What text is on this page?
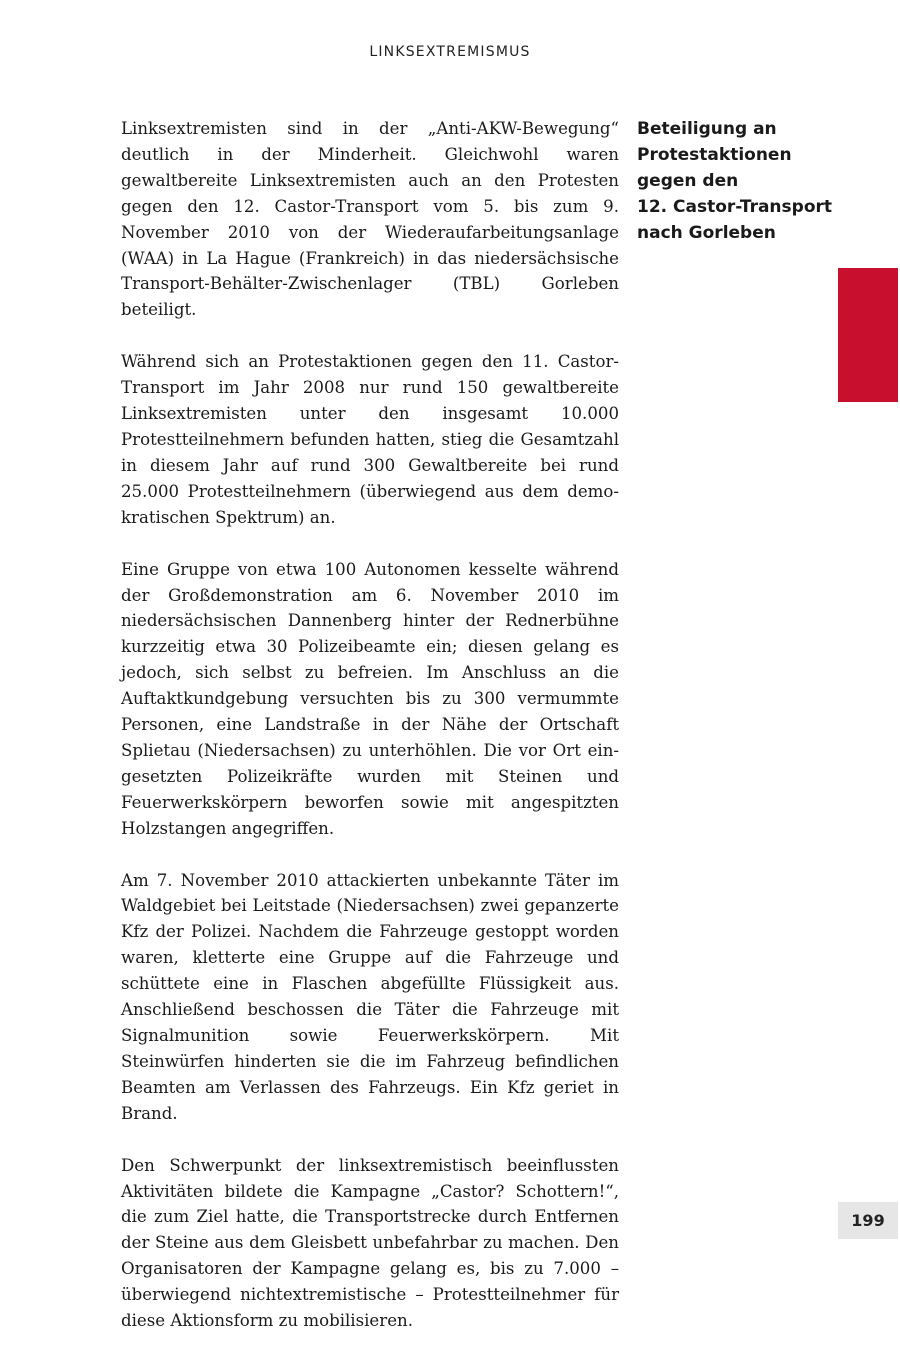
LINKSEXTREMISMUS

Linksextremisten sind in der „Anti-AKW-Bewegung“ deutlich in der Minderheit. Gleichwohl waren gewaltbereite Linksextremisten auch an den Protesten gegen den 12. Castor-Transport vom 5. bis zum 9. November 2010 von der Wiederaufarbeitungsanlage (WAA) in La Hague (Frankreich) in das niedersächsische Transport-Behälter-Zwischenlager (TBL) Gorleben beteiligt.

Während sich an Protestaktionen gegen den 11. Castor-Transport im Jahr 2008 nur rund 150 gewaltbereite Linksextremisten unter den insgesamt 10.000 Protestteilnehmern befunden hatten, stieg die Gesamtzahl in diesem Jahr auf rund 300 Gewaltbereite bei rund 25.000 Protestteilnehmern (überwiegend aus dem demokratischen Spektrum) an.

Eine Gruppe von etwa 100 Autonomen kesselte während der Großdemonstration am 6. November 2010 im niedersächsischen Dannenberg hinter der Rednerbühne kurzzeitig etwa 30 Polizeibeamte ein; diesen gelang es jedoch, sich selbst zu befreien. Im Anschluss an die Auftaktkundgebung versuchten bis zu 300 vermummte Personen, eine Landstraße in der Nähe der Ortschaft Splietau (Niedersachsen) zu unterhöhlen. Die vor Ort eingesetzten Polizeikräfte wurden mit Steinen und Feuerwerkskörpern beworfen sowie mit angespitzten Holzstangen angegriffen.

Am 7. November 2010 attackierten unbekannte Täter im Waldgebiet bei Leitstade (Niedersachsen) zwei gepanzerte Kfz der Polizei. Nachdem die Fahrzeuge gestoppt worden waren, kletterte eine Gruppe auf die Fahrzeuge und schüttete eine in Flaschen abgefüllte Flüssigkeit aus. Anschließend beschossen die Täter die Fahrzeuge mit Signalmunition sowie Feuerwerkskörpern. Mit Steinwürfen hinderten sie die im Fahrzeug befindlichen Beamten am Verlassen des Fahrzeugs. Ein Kfz geriet in Brand.

Den Schwerpunkt der linksextremistisch beeinflussten Aktivitäten bildete die Kampagne „Castor? Schottern!“, die zum Ziel hatte, die Transportstrecke durch Entfernen der Steine aus dem Gleisbett unbefahrbar zu machen. Den Organisatoren der Kampagne gelang es, bis zu 7.000 – überwiegend nichtextremistische – Protestteilnehmer für diese Aktionsform zu mobilisieren.

Beteiligung an
Protestaktionen
gegen den
12. Castor-Transport
nach Gorleben
199
